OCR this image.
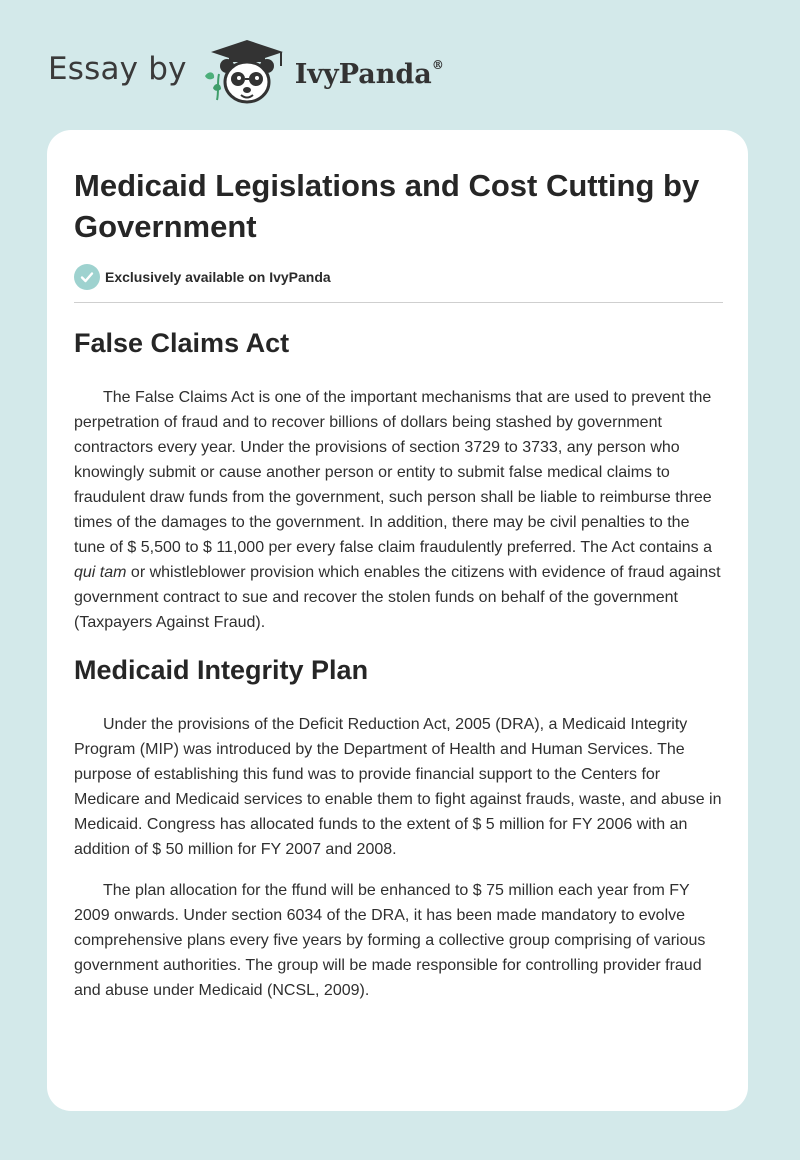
Essay by	IvyPanda®
Medicaid Legislations and Cost Cutting by Government
Exclusively available on IvyPanda
False Claims Act

The False Claims Act is one of the important mechanisms that are used to prevent the perpetration of fraud and to recover billions of dollars being stashed by government contractors every year. Under the provisions of section 3729 to 3733, any person who knowingly submit or cause another person or entity to submit false medical claims to fraudulent draw funds from the government, such person shall be liable to reimburse three times of the damages to the government. In addition, there may be civil penalties to the tune of $ 5,500 to $ 11,000 per every false claim fraudulently preferred. The Act contains a qui tam or whistleblower provision which enables the citizens with evidence of fraud against government contract to sue and recover the stolen funds on behalf of the government (Taxpayers Against Fraud).

Medicaid Integrity Plan

Under the provisions of the Deficit Reduction Act, 2005 (DRA), a Medicaid Integrity Program (MIP) was introduced by the Department of Health and Human Services. The purpose of establishing this fund was to provide financial support to the Centers for Medicare and Medicaid services to enable them to fight against frauds, waste, and abuse in Medicaid. Congress has allocated funds to the extent of $ 5 million for FY 2006 with an addition of $ 50 million for FY 2007 and 2008.

The plan allocation for the ffund will be enhanced to $ 75 million each year from FY 2009 onwards. Under section 6034 of the DRA, it has been made mandatory to evolve comprehensive plans every five years by forming a collective group comprising of various government authorities. The group will be made responsible for controlling provider fraud and abuse under Medicaid (NCSL, 2009).
